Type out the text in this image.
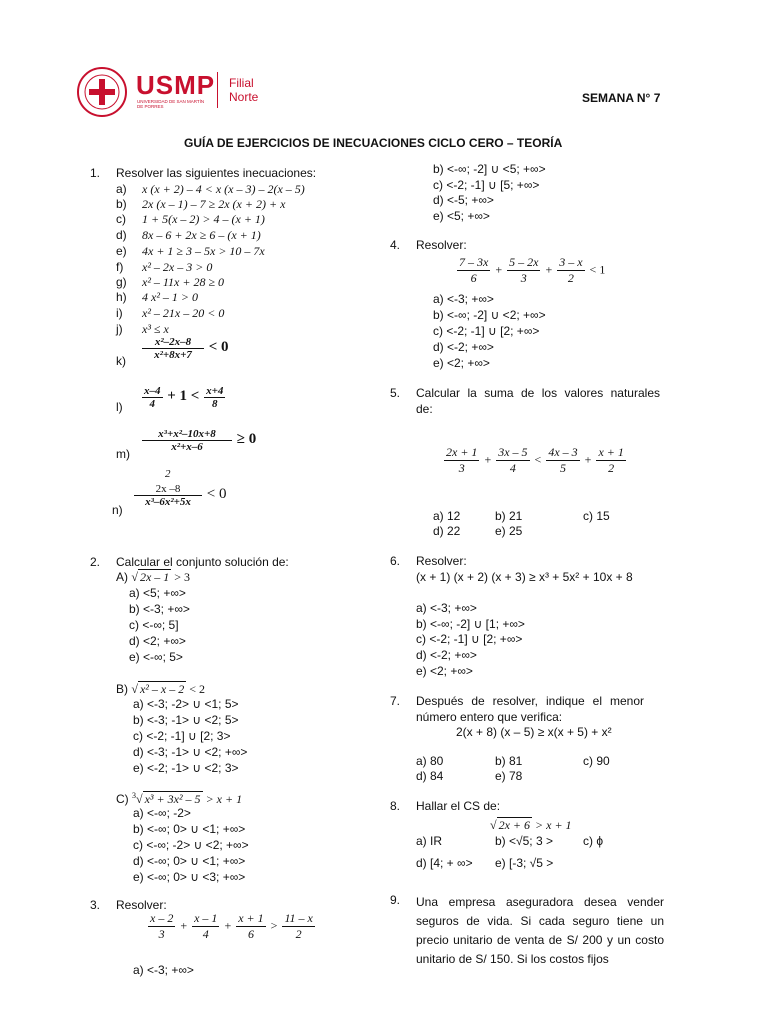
USMP
UNIVERSIDAD DE SAN MARTÍN DE PORRES
Filial
Norte	SEMANA N° 7
GUÍA DE EJERCICIOS DE INECUACIONES CICLO CERO – TEORÍA
1. Resolver las siguientes inecuaciones:
a) x (x + 2) – 4 < x (x – 3) – 2(x – 5)
b) 2x (x – 1) – 7 ≥ 2x (x + 2) + x
c) 1 + 5(x – 2) > 4 – (x + 1)
d) 8x – 6 + 2x ≥ 6 – (x + 1)
e) 4x + 1 ≥ 3 – 5x > 10 – 7x
f) x² – 2x – 3 > 0
g) x² – 11x + 28 ≥ 0
h) 4 x² – 1 > 0
i) x² – 21x – 20 < 0
j) x³ ≤ x
$k) \frac{\text{x²–2x–8}}{\text{x²+8x+7}} < 0$
$l) \frac{x-4}{4} + 1 < \frac{x+4}{8}$
m)
$\frac{\text{x³+x²–10x+8}}{\text{x²+x–6}} \ge 0$
2
n)
$\frac{2x -8}{\text{x³–6x²+5x}} < 0$
2. Calcular el conjunto solución de:
A) √ 2x – 1 > 3
a) <5; +∞>
b) <-3; +∞>
c) <-∞; 5]
d) <2; +∞>
e) <-∞; 5>
B) √ x² – x – 2 < 2
a) <-3; -2> ∪ <1; 5>
b) <-3; -1> ∪ <2; 5>
c) <-2; -1] ∪ [2; 3>
d) <-3; -1> ∪ <2; +∞>
e) <-2; -1> ∪ <2; 3>
C) $^3$√ x³ + 3x² – 5 > x + 1
a) <-∞; -2>
b) <-∞; 0> ∪ <1; +∞>
c) <-∞; -2> ∪ <2; +∞>
d) <-∞; 0> ∪ <1; +∞>
e) <-∞; 0> ∪ <3; +∞>
3. Resolver:
$\frac{x - 2}{3} + \frac{x - 1}{4} + \frac{x + 1}{6} > \frac{11 - x}{2}$
a) <-3; +∞>
b) <-∞; -2] ∪ <5; +∞>
c) <-2; -1] ∪ [5; +∞>
d) <-5; +∞>
e) <5; +∞>
4. Resolver:
$\frac{7 - 3x}{6} + \frac{5 - 2x}{3} + \frac{3 - x}{2} < 1$
a) <-3; +∞>
b) <-∞; -2] ∪ <2; +∞>
c) <-2; -1] ∪ [2; +∞>
d) <-2; +∞>
e) <2; +∞>
5. Calcular la suma de los valores naturales
de:
$\frac{2x + 1}{3} + \frac{3x - 5}{4} < \frac{4x - 3}{5} + \frac{x + 1}{2}$
a) 12	b) 21	c) 15
d) 22	e) 25
6. Resolver:
(x + 1) (x + 2) (x + 3) ≥ x³ + 5x² + 10x + 8
a) <-3; +∞>
b) <-∞; -2] ∪ [1; +∞>
c) <-2; -1] ∪ [2; +∞>
d) <-2; +∞>
e) <2; +∞>
7. Después de resolver, indique el menor
número entero que verifica:
2(x + 8) (x – 5) ≥ x(x + 5) + x²
a) 80	b) 81	c) 90
d) 84	e) 78
8. Hallar el CS de:
√ 2x + 6 > x + 1
a) IR	b) <√5; 3 >	c) ϕ
d) [4; + ∞> e) [-3; √5 >
9. Una empresa aseguradora desea vender seguros de vida. Si cada seguro tiene un precio unitario de venta de S/ 200 y un costo unitario de S/ 150. Si los costos fijos
